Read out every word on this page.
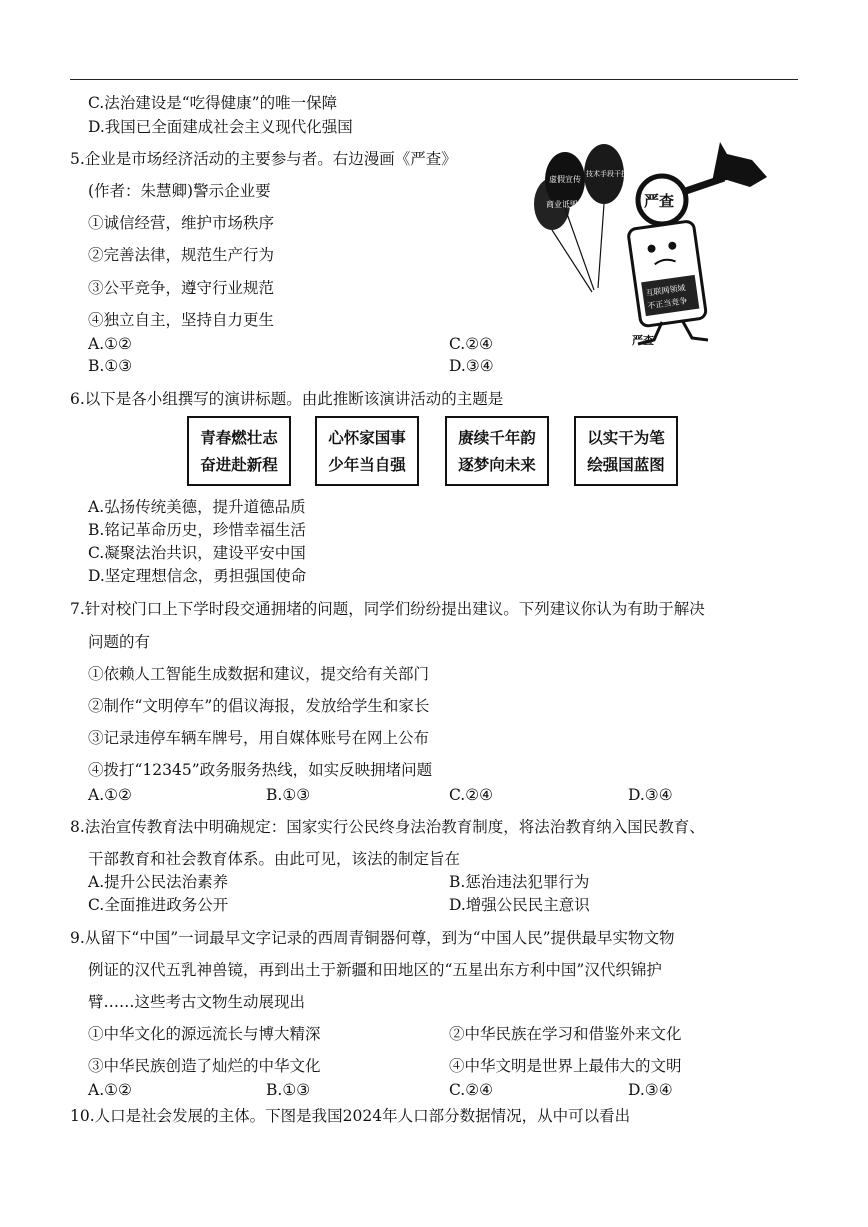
C.法治建设是“吃得健康”的唯一保障
D.我国已全面建成社会主义现代化强国
5.企业是市场经济活动的主要参与者。右边漫画《严查》
(作者：朱慧卿)警示企业要
①诚信经营，维护市场秩序
②完善法律，规范生产行为
③公平竞争，遵守行业规范
④独立自主，坚持自力更生
A.①②	C.②④
B.①③	D.③④
商业诋毁
虚假宣传
技术手段干扰
严查
互联网领域
不正当竞争
严查
6.以下是各小组撰写的演讲标题。由此推断该演讲活动的主题是
青春燃壮志
奋进赴新程
心怀家国事
少年当自强
赓续千年韵
逐梦向未来
以实干为笔
绘强国蓝图
A.弘扬传统美德，提升道德品质
B.铭记革命历史，珍惜幸福生活
C.凝聚法治共识，建设平安中国
D.坚定理想信念，勇担强国使命
7.针对校门口上下学时段交通拥堵的问题，同学们纷纷提出建议。下列建议你认为有助于解决
问题的有
①依赖人工智能生成数据和建议，提交给有关部门
②制作“文明停车”的倡议海报，发放给学生和家长
③记录违停车辆车牌号，用自媒体账号在网上公布
④拨打“12345”政务服务热线，如实反映拥堵问题
A.①②	B.①③	C.②④	D.③④
8.法治宣传教育法中明确规定：国家实行公民终身法治教育制度，将法治教育纳入国民教育、
干部教育和社会教育体系。由此可见，该法的制定旨在
A.提升公民法治素养	B.惩治违法犯罪行为
C.全面推进政务公开	D.增强公民民主意识
9.从留下“中国”一词最早文字记录的西周青铜器何尊，到为“中国人民”提供最早实物文物
例证的汉代五乳神兽镜，再到出土于新疆和田地区的“五星出东方利中国”汉代织锦护
臂……这些考古文物生动展现出
①中华文化的源远流长与博大精深	②中华民族在学习和借鉴外来文化
③中华民族创造了灿烂的中华文化	④中华文明是世界上最伟大的文明
A.①②	B.①③	C.②④	D.③④
10.人口是社会发展的主体。下图是我国2024年人口部分数据情况，从中可以看出
